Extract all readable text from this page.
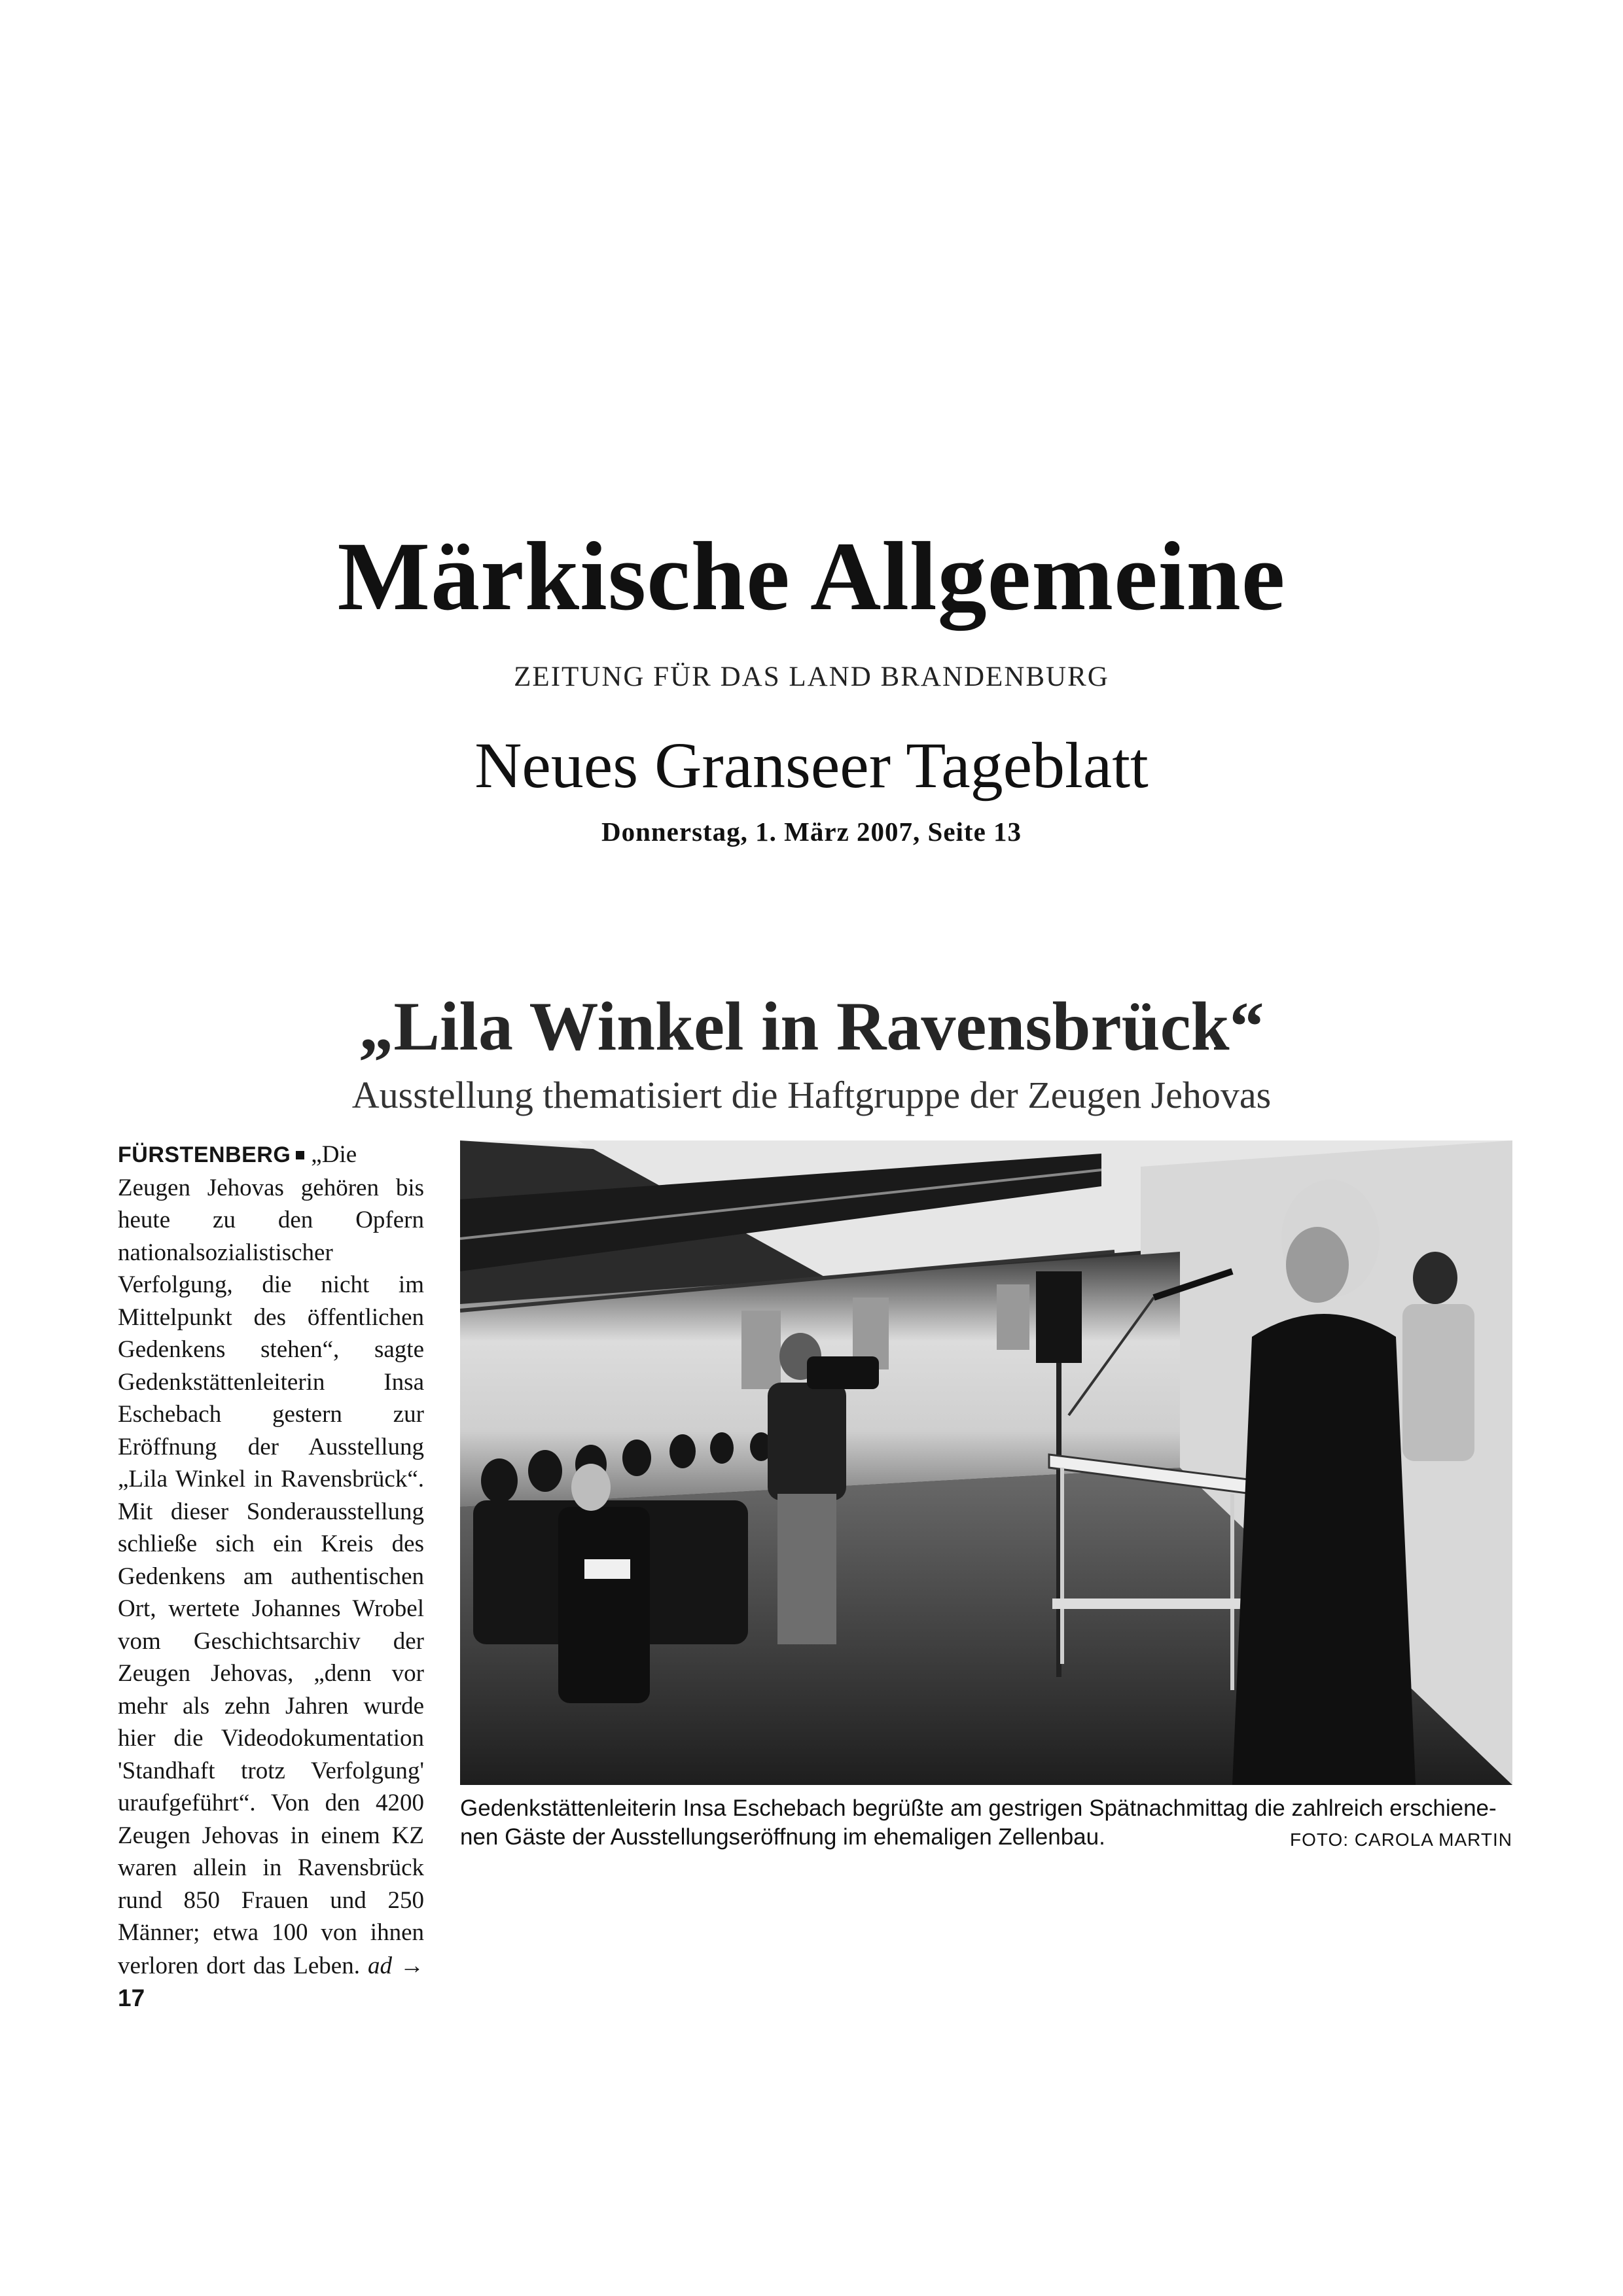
Märkische Allgemeine
ZEITUNG FÜR DAS LAND BRANDENBURG
Neues Granseer Tageblatt
Donnerstag, 1. März 2007, Seite 13
„Lila Winkel in Ravensbrück“
Ausstellung thematisiert die Haftgruppe der Zeugen Jehovas
FÜRSTENBERG „Die Zeugen Jehovas gehören bis heute zu den Opfern nationalsozialistischer Verfolgung, die nicht im Mittelpunkt des öffentlichen Gedenkens stehen“, sagte Gedenkstättenleiterin Insa Eschebach gestern zur Eröffnung der Ausstellung „Lila Winkel in Ravensbrück“. Mit dieser Sonderausstellung schließe sich ein Kreis des Gedenkens am authentischen Ort, wertete Johannes Wrobel vom Geschichtsarchiv der Zeugen Jehovas, „denn vor mehr als zehn Jahren wurde hier die Videodokumentation 'Standhaft trotz Verfolgung' uraufgeführt“. Von den 4200 Zeugen Jehovas in einem KZ waren allein in Ravensbrück rund 850 Frauen und 250 Männer; etwa 100 von ihnen verloren dort das Leben. ad → 17
Gedenkstättenleiterin Insa Eschebach begrüßte am gestrigen Spätnachmittag die zahlreich erschiene-
nen Gäste der Ausstellungseröffnung im ehemaligen Zellenbau.	FOTO: CAROLA MARTIN
